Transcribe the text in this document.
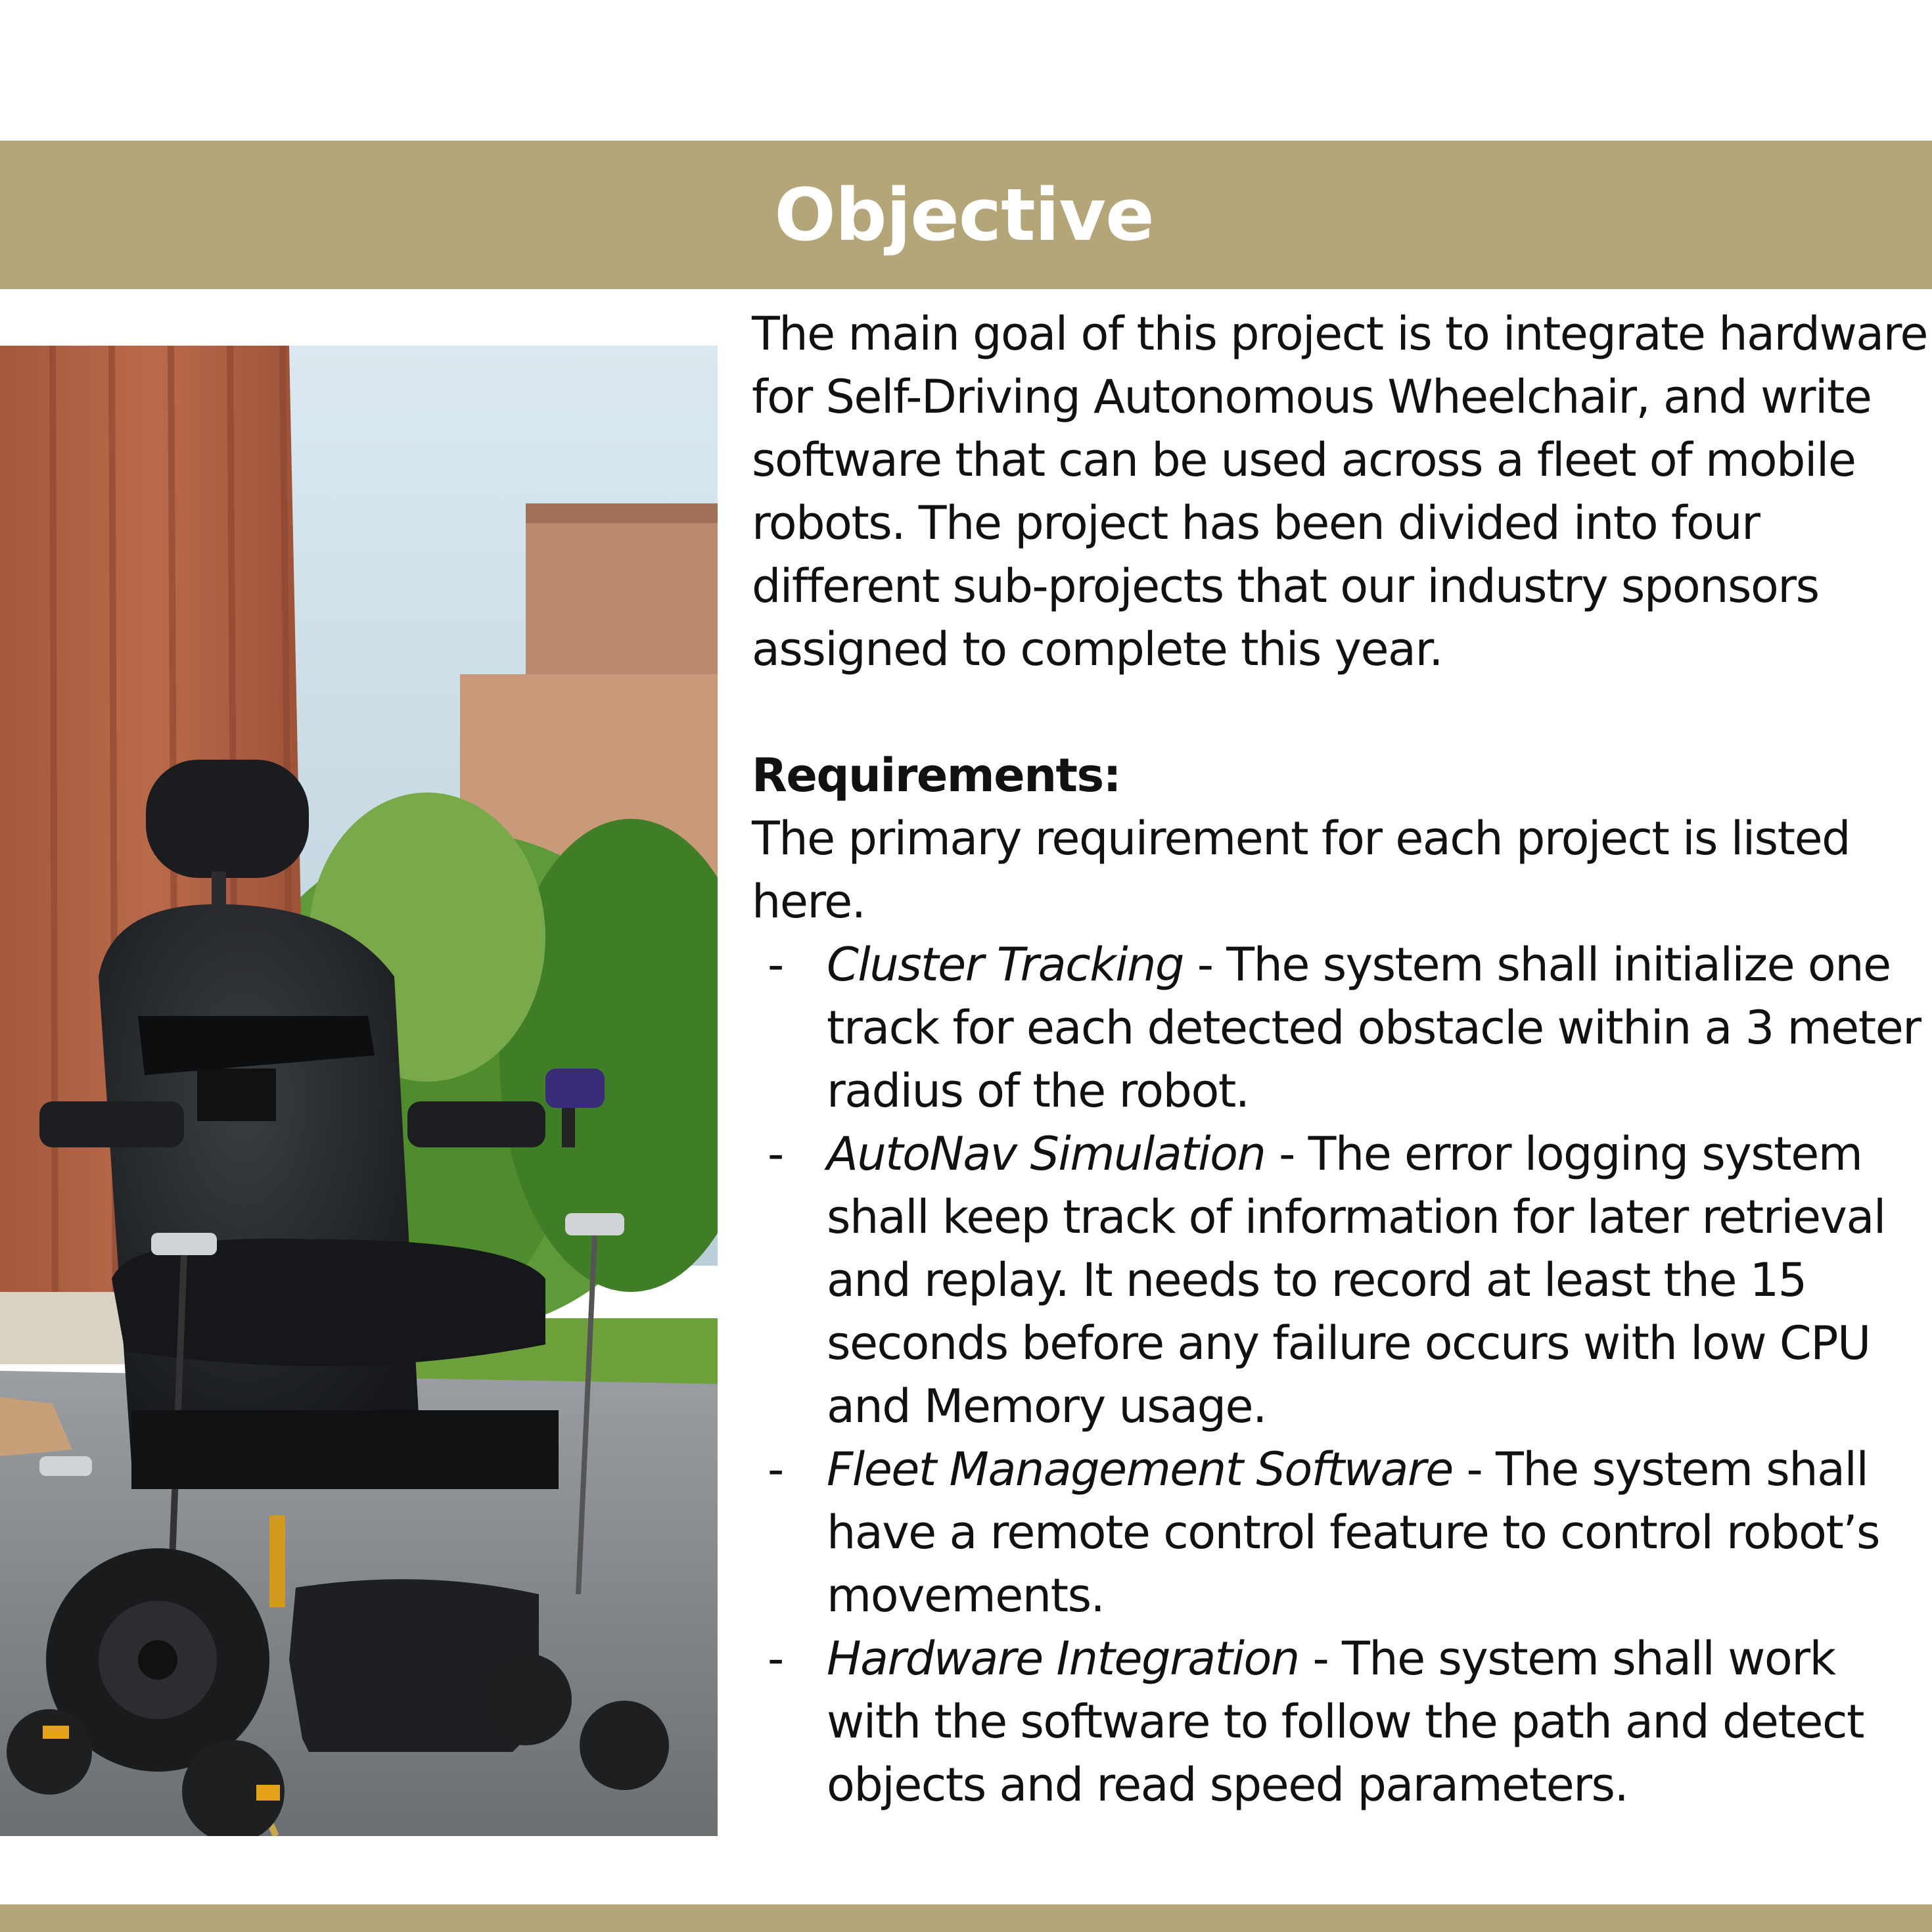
Objective

The main goal of this project is to integrate hardware for Self-Driving Autonomous Wheelchair, and write software that can be used across a fleet of mobile robots. The project has been divided into four different sub-projects that our industry sponsors assigned to complete this year.

Requirements:

The primary requirement for each project is listed here.

- Cluster Tracking - The system shall initialize one track for each detected obstacle within a 3 meter radius of the robot.
- AutoNav Simulation - The error logging system shall keep track of information for later retrieval and replay. It needs to record at least the 15 seconds before any failure occurs with low CPU and Memory usage.
- Fleet Management Software - The system shall have a remote control feature to control robot’s movements.
- Hardware Integration - The system shall work with the software to follow the path and detect objects and read speed parameters.
